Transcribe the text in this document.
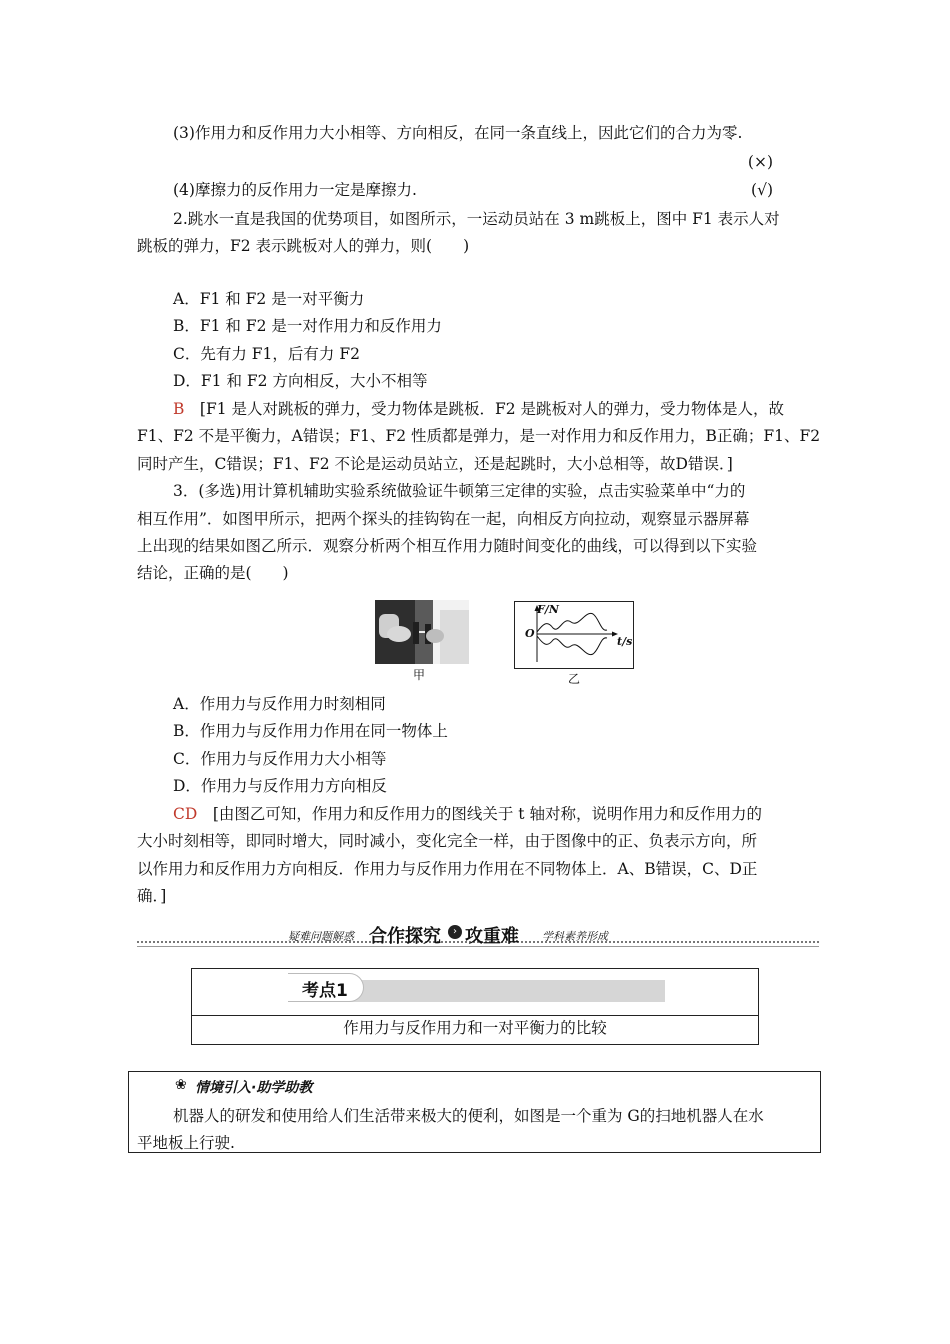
(3)作用力和反作用力大小相等、方向相反，在同一条直线上，因此它们的合力为零.
(×)
(4)摩擦力的反作用力一定是摩擦力.	(√)
2.跳水一直是我国的优势项目，如图所示，一运动员站在 3 m跳板上，图中 F1 表示人对
跳板的弹力，F2 表示跳板对人的弹力，则(　　)
A．F1 和 F2 是一对平衡力
B．F1 和 F2 是一对作用力和反作用力
C．先有力 F1，后有力 F2
D．F1 和 F2 方向相反，大小不相等
B　 [F1 是人对跳板的弹力，受力物体是跳板．F2 是跳板对人的弹力，受力物体是人，故
F1、F2 不是平衡力，A错误；F1、F2 性质都是弹力，是一对作用力和反作用力，B正确；F1、F2
同时产生，C错误；F1、F2 不论是运动员站立，还是起跳时，大小总相等，故D错误．]
3．(多选)用计算机辅助实验系统做验证牛顿第三定律的实验，点击实验菜单中“力的
相互作用”．如图甲所示，把两个探头的挂钩钩在一起，向相反方向拉动，观察显示器屏幕
上出现的结果如图乙所示．观察分析两个相互作用力随时间变化的曲线，可以得到以下实验
结论，正确的是(　　)
甲
F/N
O
t/s
乙
A．作用力与反作用力时刻相同
B．作用力与反作用力作用在同一物体上
C．作用力与反作用力大小相等
D．作用力与反作用力方向相反
CD　 [由图乙可知，作用力和反作用力的图线关于 t 轴对称，说明作用力和反作用力的
大小时刻相等，即同时增大，同时减小，变化完全一样，由于图像中的正、负表示方向，所
以作用力和反作用力方向相反．作用力与反作用力作用在不同物体上．A、B错误，C、D正
确．]
疑难问题解惑 合作探究	› 攻重难 学科素养形成
考点1
作用力与反作用力和一对平衡力的比较
❀ 情境引入·助学助教
机器人的研发和使用给人们生活带来极大的便利，如图是一个重为 G的扫地机器人在水
平地板上行驶.
